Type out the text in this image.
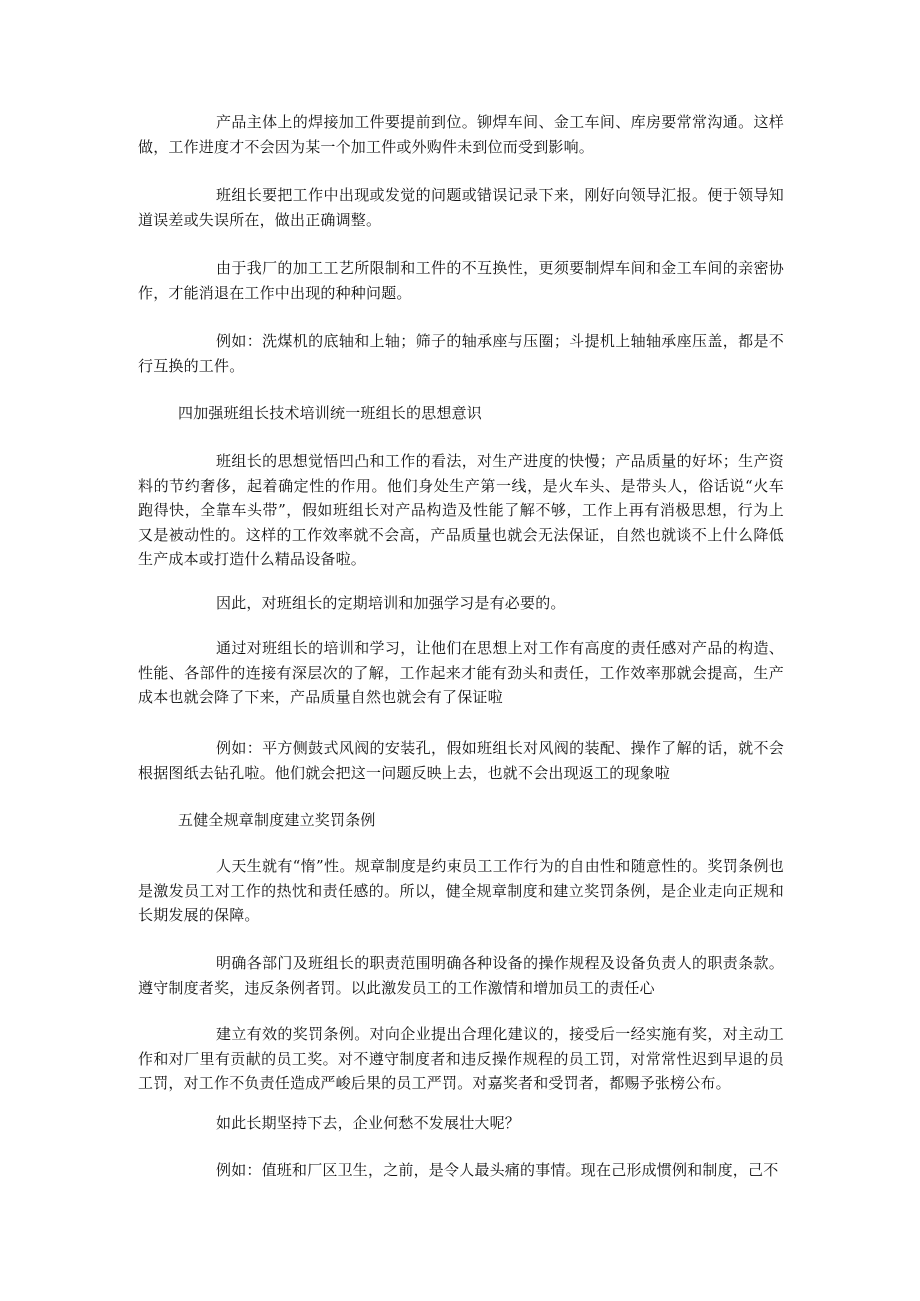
产品主体上的焊接加工件要提前到位。铆焊车间、金工车间、库房要常常沟通。这样做，工作进度才不会因为某一个加工件或外购件未到位而受到影响。

班组长要把工作中出现或发觉的问题或错误记录下来，刚好向领导汇报。便于领导知道误差或失误所在，做出正确调整。

由于我厂的加工工艺所限制和工件的不互换性，更须要制焊车间和金工车间的亲密协作，才能消退在工作中出现的种种问题。

例如：洗煤机的底轴和上轴；筛子的轴承座与压圈；斗提机上轴轴承座压盖，都是不行互换的工件。

四加强班组长技术培训统一班组长的思想意识

班组长的思想觉悟凹凸和工作的看法，对生产进度的快慢；产品质量的好坏；生产资料的节约奢侈，起着确定性的作用。他们身处生产第一线，是火车头、是带头人，俗话说“火车跑得快，全靠车头带”，假如班组长对产品构造及性能了解不够，工作上再有消极思想，行为上又是被动性的。这样的工作效率就不会高，产品质量也就会无法保证，自然也就谈不上什么降低生产成本或打造什么精品设备啦。

因此，对班组长的定期培训和加强学习是有必要的。

通过对班组长的培训和学习，让他们在思想上对工作有高度的责任感对产品的构造、性能、各部件的连接有深层次的了解，工作起来才能有劲头和责任，工作效率那就会提高，生产成本也就会降了下来，产品质量自然也就会有了保证啦

例如：平方侧鼓式风阀的安装孔，假如班组长对风阀的装配、操作了解的话，就不会根据图纸去钻孔啦。他们就会把这一问题反映上去，也就不会出现返工的现象啦

五健全规章制度建立奖罚条例

人天生就有“惰”性。规章制度是约束员工工作行为的自由性和随意性的。奖罚条例也是激发员工对工作的热忱和责任感的。所以，健全规章制度和建立奖罚条例，是企业走向正规和长期发展的保障。

明确各部门及班组长的职责范围明确各种设备的操作规程及设备负责人的职责条款。遵守制度者奖，违反条例者罚。以此激发员工的工作激情和增加员工的责任心

建立有效的奖罚条例。对向企业提出合理化建议的，接受后一经实施有奖，对主动工作和对厂里有贡献的员工奖。对不遵守制度者和违反操作规程的员工罚，对常常性迟到早退的员工罚，对工作不负责任造成严峻后果的员工严罚。对嘉奖者和受罚者，都赐予张榜公布。

如此长期坚持下去，企业何愁不发展壮大呢？

例如：值班和厂区卫生，之前，是令人最头痛的事情。现在己形成惯例和制度，己不
